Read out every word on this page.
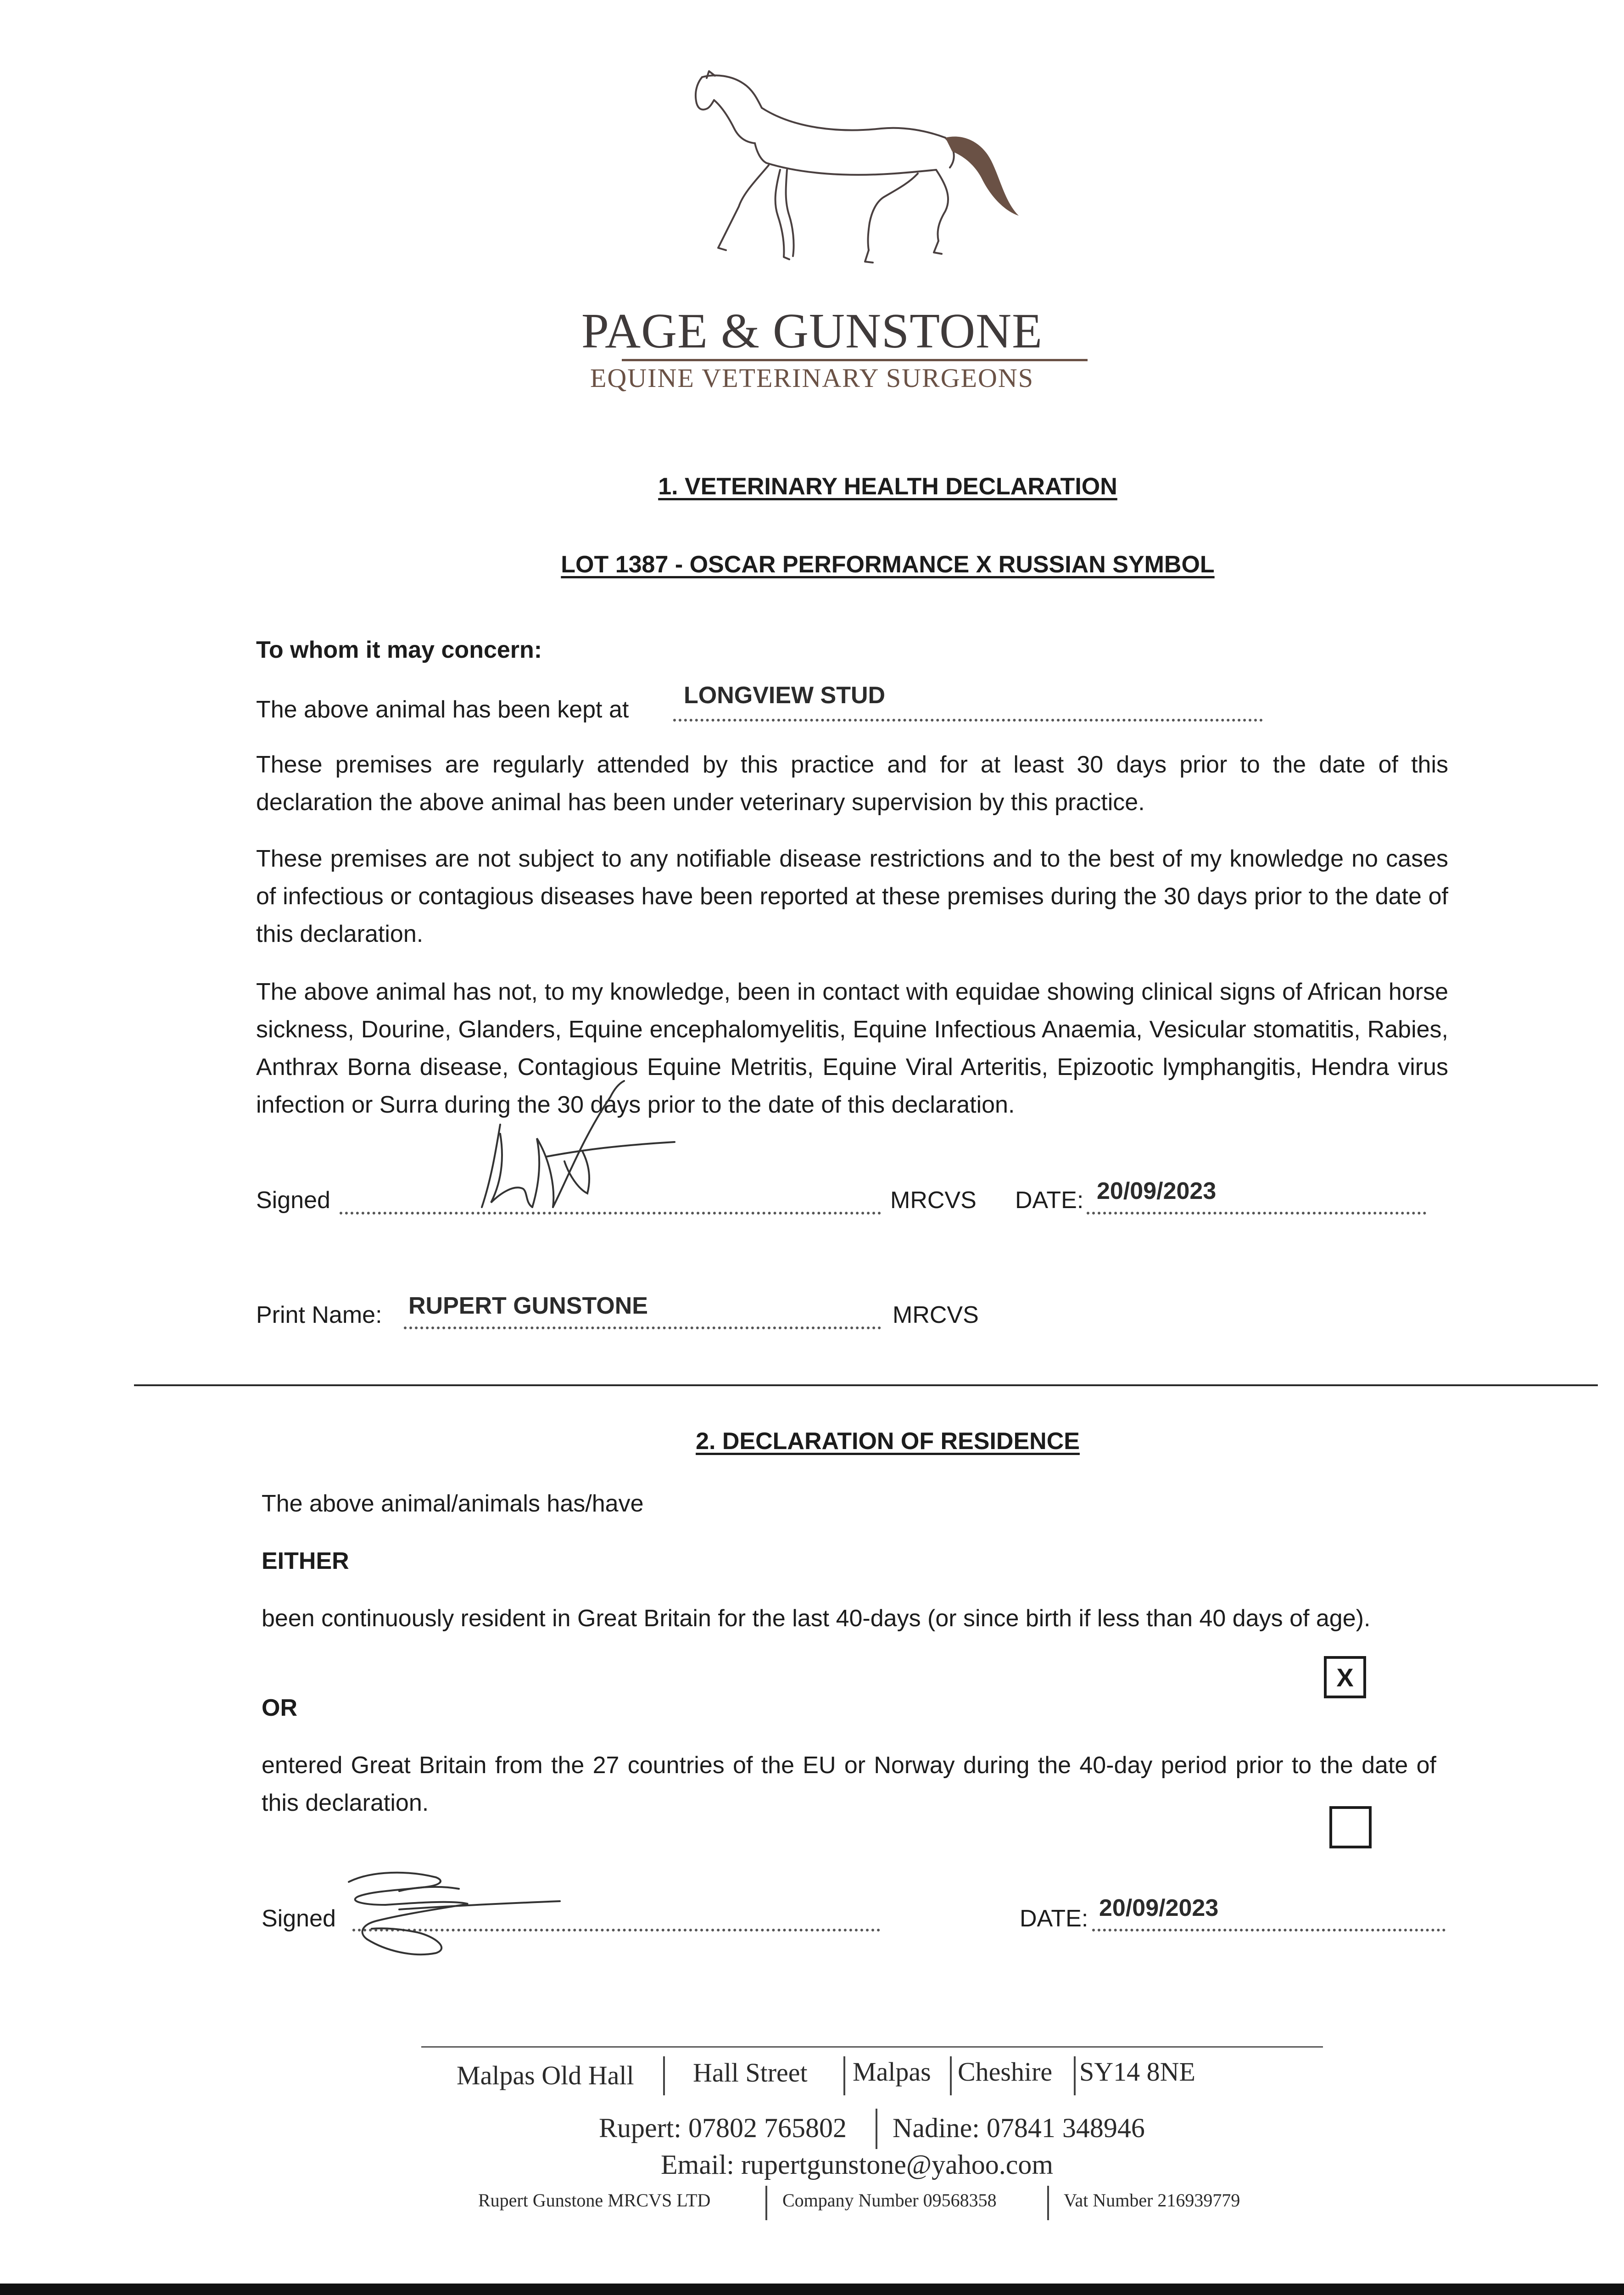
PAGE & GUNSTONE
EQUINE VETERINARY SURGEONS
1. VETERINARY HEALTH DECLARATION
LOT 1387 - OSCAR PERFORMANCE X RUSSIAN SYMBOL
To whom it may concern:
The above animal has been kept at
LONGVIEW STUD
These premises are regularly attended by this practice and for at least 30 days prior to the date of this declaration the above animal has been under veterinary supervision by this practice.
These premises are not subject to any notifiable disease restrictions and to the best of my knowledge no cases of infectious or contagious diseases have been reported at these premises during the 30 days prior to the date of this declaration.
The above animal has not, to my knowledge, been in contact with equidae showing clinical signs of African horse sickness, Dourine, Glanders, Equine encephalomyelitis, Equine Infectious Anaemia, Vesicular stomatitis, Rabies, Anthrax Borna disease, Contagious Equine Metritis, Equine Viral Arteritis, Epizootic lymphangitis, Hendra virus infection or Surra during the 30 days prior to the date of this declaration.
Signed	MRCVS DATE: 20/09/2023
Print Name: RUPERT GUNSTONE	MRCVS
2. DECLARATION OF RESIDENCE
The above animal/animals has/have
EITHER
been continuously resident in Great Britain for the last 40-days (or since birth if less than 40 days of age).
X
OR
entered Great Britain from the 27 countries of the EU or Norway during the 40-day period prior to the date of this declaration.
Signed	DATE: 20/09/2023
Malpas Old Hall Hall Street Malpas Cheshire SY14 8NE
Rupert: 07802 765802 Nadine: 07841 348946
Email: rupertgunstone@yahoo.com
Rupert Gunstone MRCVS LTD	Company Number 09568358	Vat Number 216939779
